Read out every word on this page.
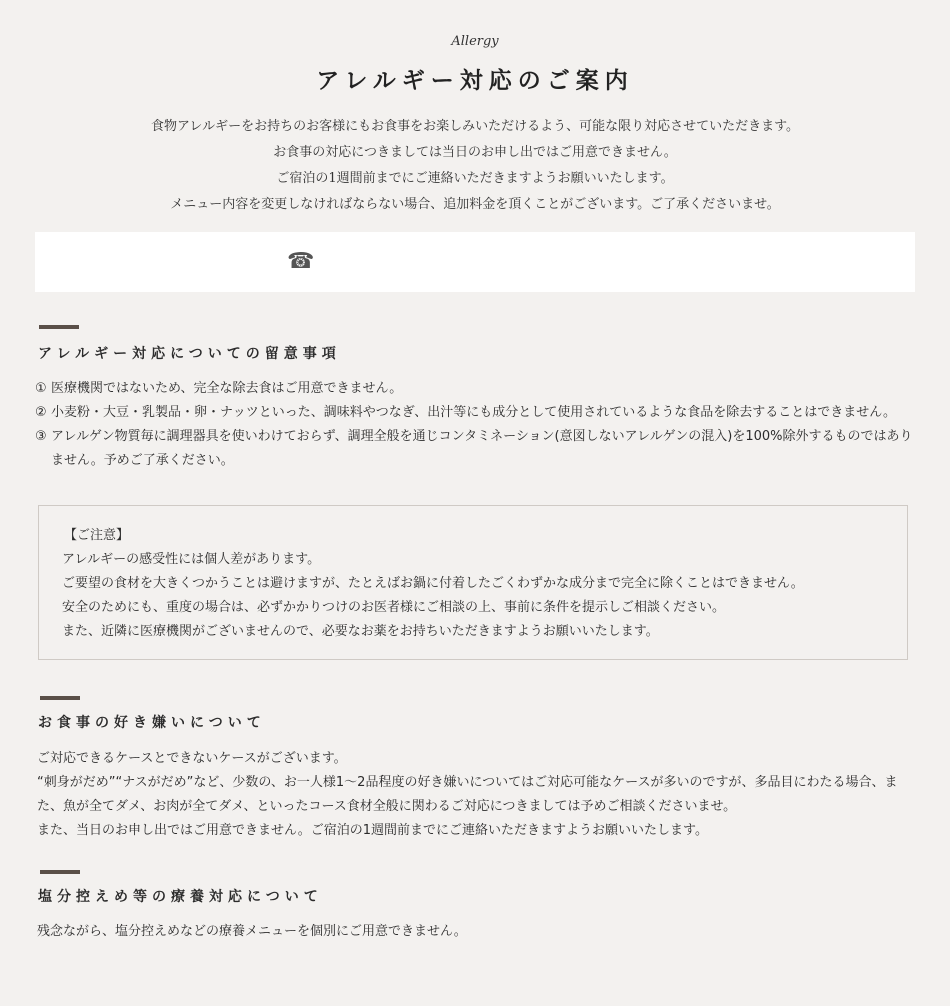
Allergy
アレルギー対応のご案内

食物アレルギーをお持ちのお客様にもお食事をお楽しみいただけるよう、可能な限り対応させていただきます。

お食事の対応につきましては当日のお申し出ではご用意できません。

ご宿泊の1週間前までにご連絡いただきますようお願いいたします。

メニュー内容を変更しなければならない場合、追加料金を頂くことがございます。ご了承くださいませ。

☎
アレルギー対応についての留意事項
① 医療機関ではないため、完全な除去食はご用意できません。
② 小麦粉・大豆・乳製品・卵・ナッツといった、調味料やつなぎ、出汁等にも成分として使用されているような食品を除去することはできません。
③ アレルゲン物質毎に調理器具を使いわけておらず、調理全般を通じコンタミネーション(意図しないアレルゲンの混入)を100%除外するものではありません。予めご了承ください。

【ご注意】

アレルギーの感受性には個人差があります。

ご要望の食材を大きくつかうことは避けますが、たとえばお鍋に付着したごくわずかな成分まで完全に除くことはできません。

安全のためにも、重度の場合は、必ずかかりつけのお医者様にご相談の上、事前に条件を提示しご相談ください。

また、近隣に医療機関がございませんので、必要なお薬をお持ちいただきますようお願いいたします。

お食事の好き嫌いについて

ご対応できるケースとできないケースがございます。

“刺身がだめ”“ナスがだめ”など、少数の、お一人様1～2品程度の好き嫌いについてはご対応可能なケースが多いのですが、多品目にわたる場合、また、魚が全てダメ、お肉が全てダメ、といったコース食材全般に関わるご対応につきましては予めご相談くださいませ。

また、当日のお申し出ではご用意できません。ご宿泊の1週間前までにご連絡いただきますようお願いいたします。

塩分控えめ等の療養対応について

残念ながら、塩分控えめなどの療養メニューを個別にご用意できません。
